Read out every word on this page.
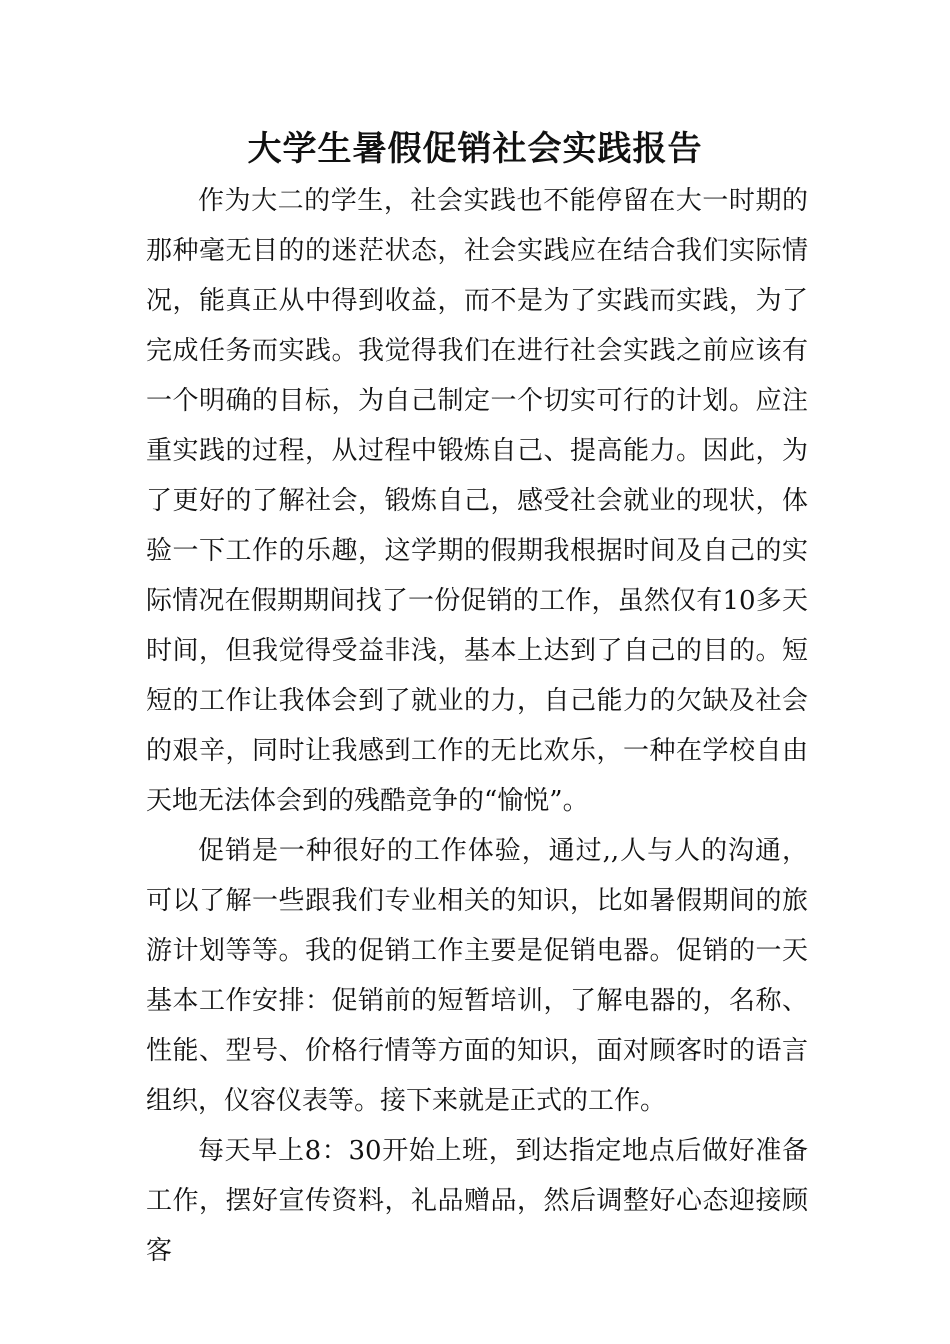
大学生暑假促销社会实践报告

作为大二的学生，社会实践也不能停留在大一时期的那种毫无目的的迷茫状态，社会实践应在结合我们实际情况，能真正从中得到收益，而不是为了实践而实践，为了完成任务而实践。我觉得我们在进行社会实践之前应该有一个明确的目标，为自己制定一个切实可行的计划。应注重实践的过程，从过程中锻炼自己、提高能力。因此，为了更好的了解社会，锻炼自己，感受社会就业的现状，体验一下工作的乐趣，这学期的假期我根据时间及自己的实际情况在假期期间找了一份促销的工作，虽然仅有10多天时间，但我觉得受益非浅，基本上达到了自己的目的。短短的工作让我体会到了就业的力，自己能力的欠缺及社会的艰辛，同时让我感到工作的无比欢乐，一种在学校自由天地无法体会到的残酷竞争的“愉悦”。

促销是一种很好的工作体验，通过,,人与人的沟通，可以了解一些跟我们专业相关的知识，比如暑假期间的旅游计划等等。我的促销工作主要是促销电器。促销的一天基本工作安排：促销前的短暂培训，了解电器的，名称、性能、型号、价格行情等方面的知识，面对顾客时的语言组织，仪容仪表等。接下来就是正式的工作。

每天早上8：30开始上班，到达指定地点后做好准备工作，摆好宣传资料，礼品赠品，然后调整好心态迎接顾客
